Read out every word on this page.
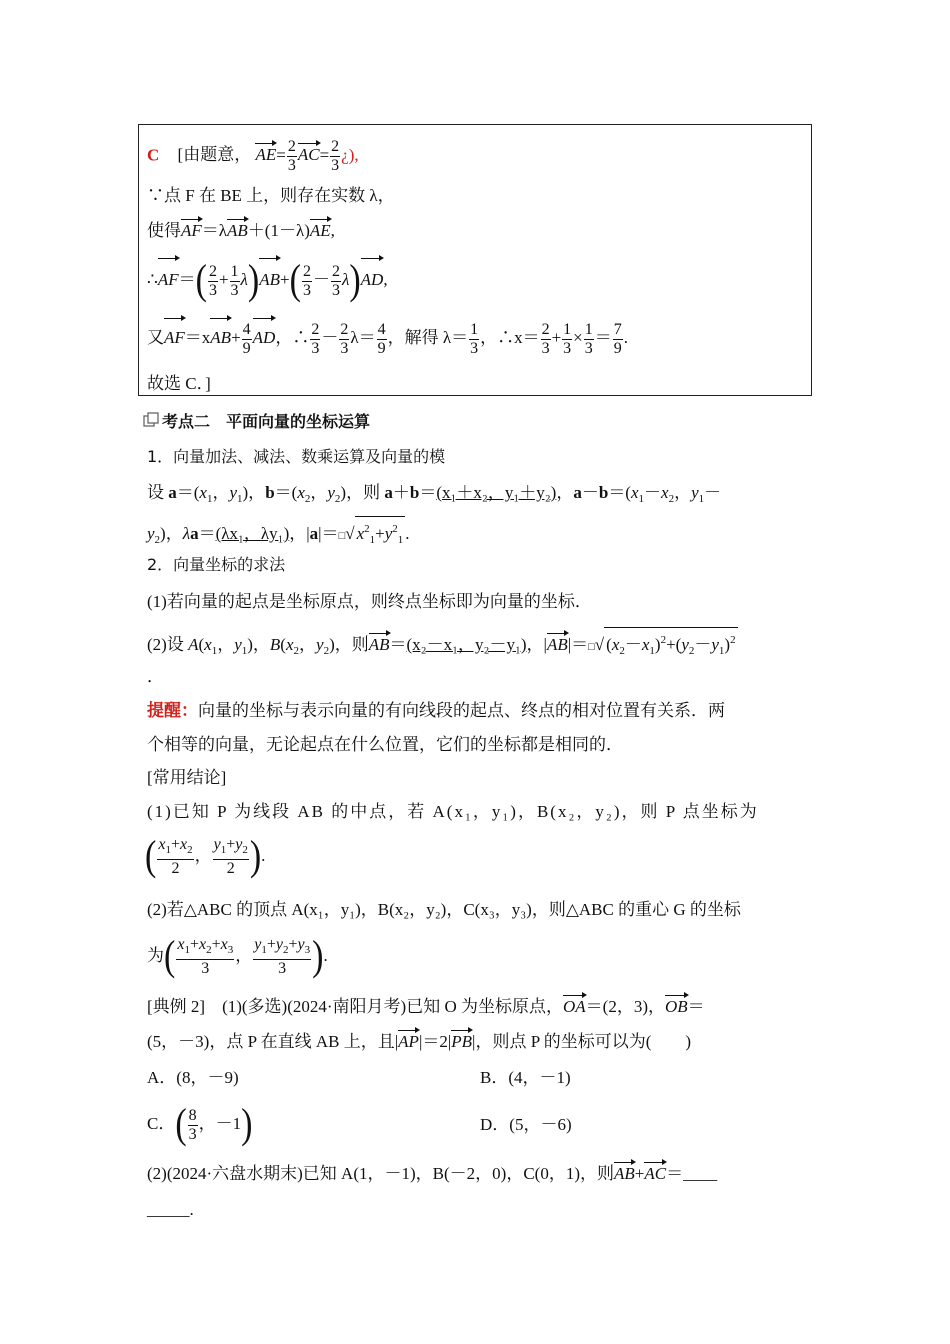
C [由题意， $AE= \frac{2}{3} AC= \frac{2}{3}$ ¿),
∵点 F 在 BE 上，则存在实数 λ，
使得AF＝λAB＋(1－λ)AE,
∴AF＝( $\frac{2}{3} + \frac{1}{3} \lambda)AB+( \frac{2}{3} - \frac{2}{3} \lambda)AD$,
又$AF=xAB+ \frac{4}{9}$ AD，∴ $\frac{2}{3} - \frac{2}{3} \lambda= \frac{4}{9}$ ，解得 $\lambda= \frac{1}{3}$ ，∴x＝ $\frac{2}{3} + \frac{1}{3} \times \frac{1}{3} = \frac{7}{9}$ .
故选 C．]
考点二　平面向量的坐标运算
1．向量加法、减法、数乘运算及向量的模
设 $a=(x_1$，$y_1$)，$b=(x_2$，$y_2$)，则 a＋b＝(x₁＋x₂，y₁＋y₂)，$a-b=(x_1-x_2$，$y_1-$
$y_2$)，λa＝(λx₁，λy₁)，|a|＝□√ $x^2_1+y^2_1$ .
2．向量坐标的求法
(1)若向量的起点是坐标原点，则终点坐标即为向量的坐标．
(2)设 $A(x_1$，$y_1$)，$B(x_2$，$y_2$)，则AB＝(x₂－x₁，y₂－y₁)，|AB|＝□√ $(x_2-x_1)^2+(y_2-y_1)^2$
．
提醒：向量的坐标与表示向量的有向线段的起点、终点的相对位置有关系．两
个相等的向量，无论起点在什么位置，它们的坐标都是相同的．
[常用结论]
(1)已知 P 为线段 AB 的中点，若 A(x₁，y₁)，B(x₂，y₂)，则 P 点坐标为
( $\frac{x_1+x_2}{2}$ ， $\frac{y_1+y_2}{2}$ ).
(2)若△ABC 的顶点 A(x₁，y₁)，B(x₂，y₂)，C(x₃，y₃)，则△ABC 的重心 G 的坐标
为( $\frac{x_1+x_2+x_3}{3}$ ， $\frac{y_1+y_2+y_3}{3}$ ).
[典例 2]　 (1)(多选)(2024·南阳月考)已知 O 为坐标原点，OA＝(2，3)，OB＝
(5，－3)，点 P 在直线 AB 上，且|AP|＝2|PB|，则点 P 的坐标可以为(　　)
A．(8，－9)	B．(4，－1)
C．( $\frac{8}{3}$ ，－1)	D．(5，－6)
(2)(2024·六盘水期末)已知 A(1，－1)，B(－2，0)，C(0，1)，则AB+AC＝____
_____.
